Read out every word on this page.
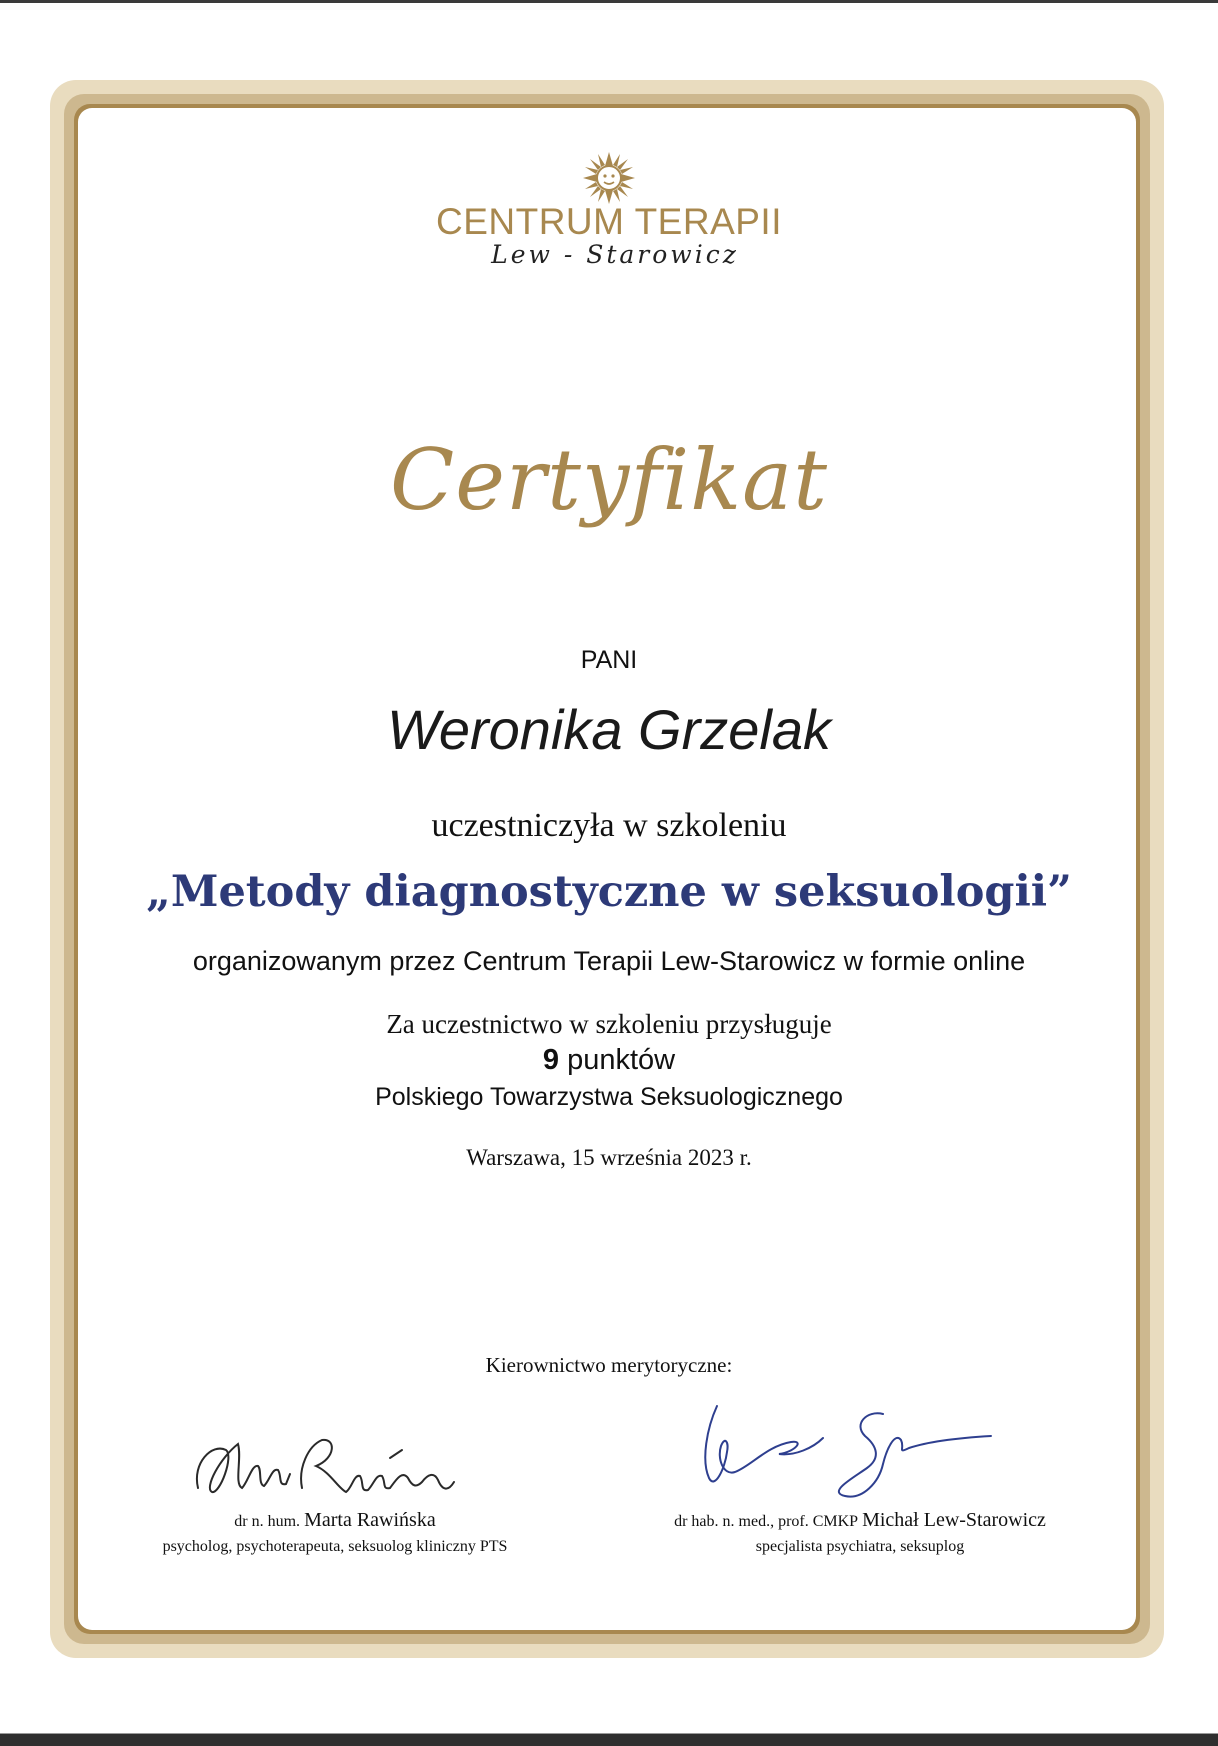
CENTRUM TERAPII
Lew - Starowicz
Certyfikat
PANI
Weronika Grzelak
uczestniczyła w szkoleniu
„Metody diagnostyczne w seksuologii”
organizowanym przez Centrum Terapii Lew-Starowicz w formie online
Za uczestnictwo w szkoleniu przysługuje
9 punktów
Polskiego Towarzystwa Seksuologicznego
Warszawa, 15 września 2023 r.
Kierownictwo merytoryczne:
dr n. hum. Marta Rawińska
psycholog, psychoterapeuta, seksuolog kliniczny PTS
dr hab. n. med., prof. CMKP Michał Lew-Starowicz
specjalista psychiatra, seksuplog
